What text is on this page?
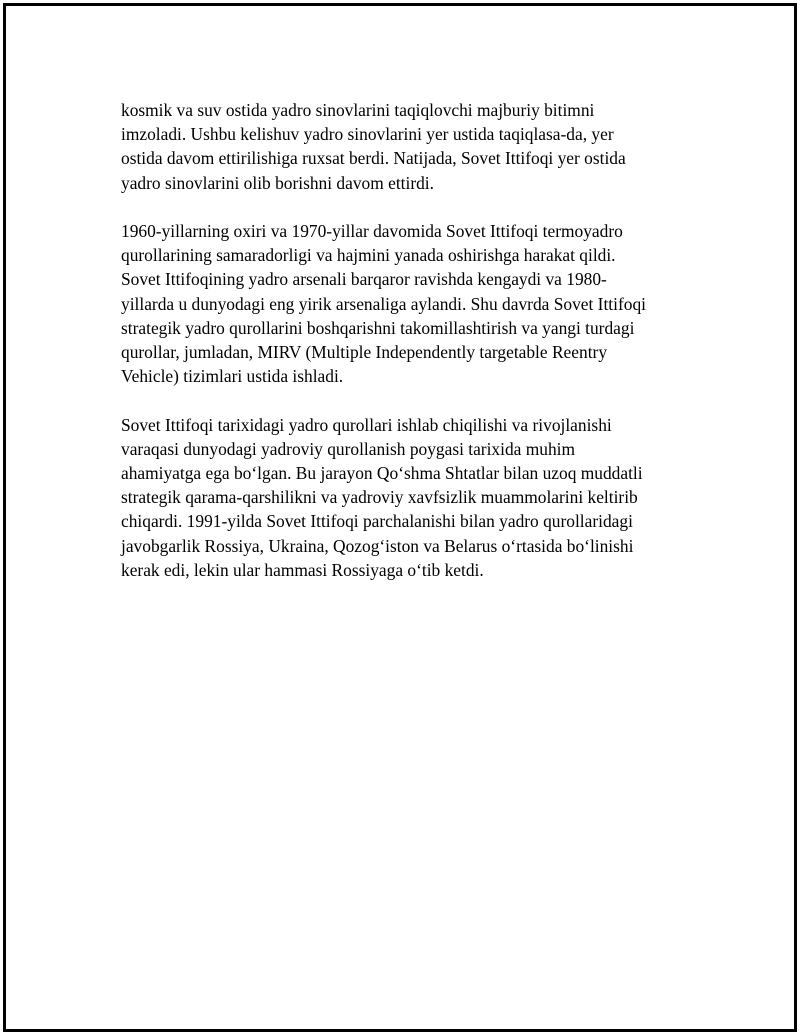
kosmik va suv ostida yadro sinovlarini taqiqlovchi majburiy bitimni
imzoladi. Ushbu kelishuv yadro sinovlarini yer ustida taqiqlasa-da, yer
ostida davom ettirilishiga ruxsat berdi. Natijada, Sovet Ittifoqi yer ostida
yadro sinovlarini olib borishni davom ettirdi.

1960-yillarning oxiri va 1970-yillar davomida Sovet Ittifoqi termoyadro
qurollarining samaradorligi va hajmini yanada oshirishga harakat qildi.
Sovet Ittifoqining yadro arsenali barqaror ravishda kengaydi va 1980-
yillarda u dunyodagi eng yirik arsenaliga aylandi. Shu davrda Sovet Ittifoqi
strategik yadro qurollarini boshqarishni takomillashtirish va yangi turdagi
qurollar, jumladan, MIRV (Multiple Independently targetable Reentry
Vehicle) tizimlari ustida ishladi.

Sovet Ittifoqi tarixidagi yadro qurollari ishlab chiqilishi va rivojlanishi
varaqasi dunyodagi yadroviy qurollanish poygasi tarixida muhim
ahamiyatga ega bo‘lgan. Bu jarayon Qo‘shma Shtatlar bilan uzoq muddatli
strategik qarama-qarshilikni va yadroviy xavfsizlik muammolarini keltirib
chiqardi. 1991-yilda Sovet Ittifoqi parchalanishi bilan yadro qurollaridagi
javobgarlik Rossiya, Ukraina, Qozog‘iston va Belarus o‘rtasida bo‘linishi
kerak edi, lekin ular hammasi Rossiyaga o‘tib ketdi.
